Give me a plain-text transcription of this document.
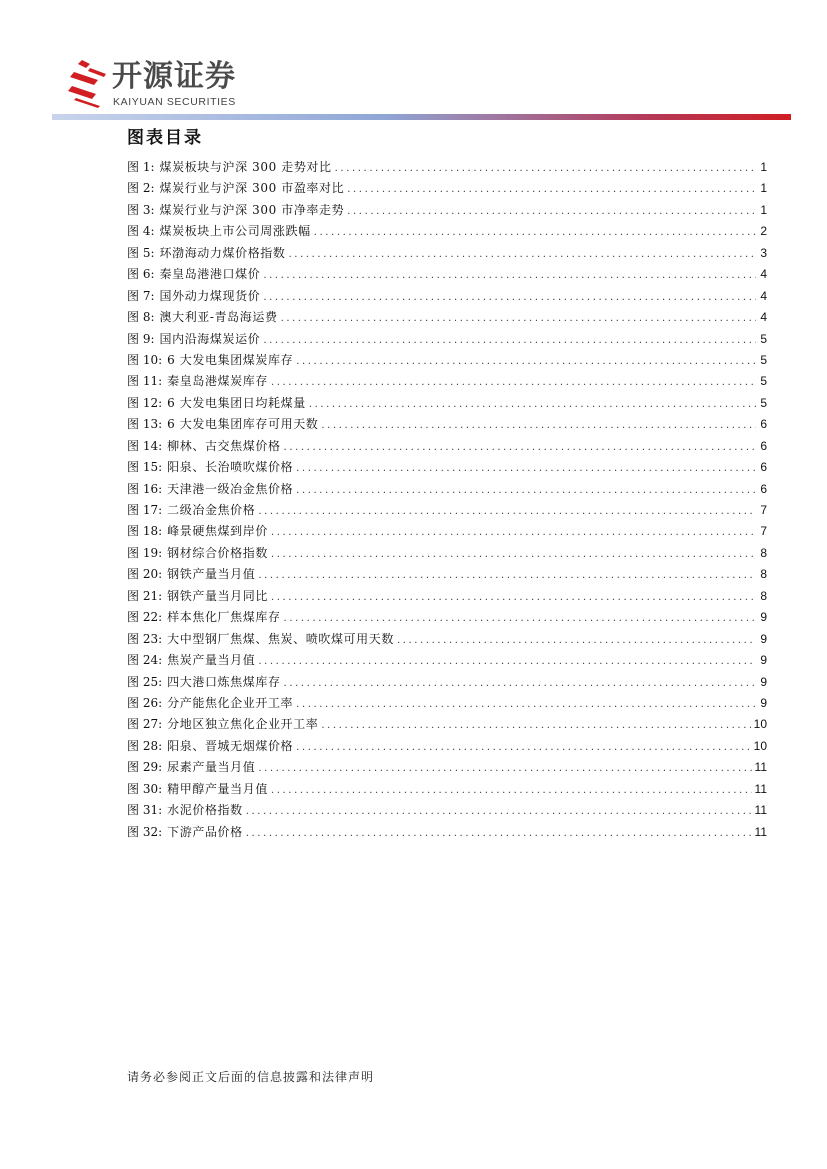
开源证券
KAIYUAN SECURITIES
图表目录
图 1: 煤炭板块与沪深 300 走势对比 .....	1
图 2: 煤炭行业与沪深 300 市盈率对比 .....	1
图 3: 煤炭行业与沪深 300 市净率走势 .....	1
图 4: 煤炭板块上市公司周涨跌幅 .....	2
图 5: 环渤海动力煤价格指数 .....	3
图 6: 秦皇岛港港口煤价 .....	4
图 7: 国外动力煤现货价 .....	4
图 8: 澳大利亚-青岛海运费 .....	4
图 9: 国内沿海煤炭运价 .....	5
图 10: 6 大发电集团煤炭库存 .....	5
图 11: 秦皇岛港煤炭库存 .....	5
图 12: 6 大发电集团日均耗煤量 .....	5
图 13: 6 大发电集团库存可用天数 .....	6
图 14: 柳林、古交焦煤价格 .....	6
图 15: 阳泉、长治喷吹煤价格 .....	6
图 16: 天津港一级冶金焦价格 .....	6
图 17: 二级冶金焦价格 .....	7
图 18: 峰景硬焦煤到岸价 .....	7
图 19: 钢材综合价格指数 .....	8
图 20: 钢铁产量当月值 .....	8
图 21: 钢铁产量当月同比 .....	8
图 22: 样本焦化厂焦煤库存 .....	9
图 23: 大中型钢厂焦煤、焦炭、喷吹煤可用天数 .....	9
图 24: 焦炭产量当月值 .....	9
图 25: 四大港口炼焦煤库存 .....	9
图 26: 分产能焦化企业开工率 .....	9
图 27: 分地区独立焦化企业开工率 .....	10
图 28: 阳泉、晋城无烟煤价格 .....	10
图 29: 尿素产量当月值 .....	11
图 30: 精甲醇产量当月值 .....	11
图 31: 水泥价格指数 .....	11
图 32: 下游产品价格 .....	11
请务必参阅正文后面的信息披露和法律声明
